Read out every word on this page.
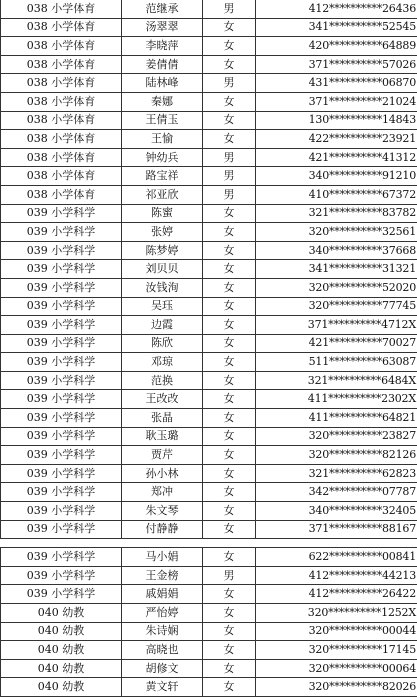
038 小学体育	范继承	男	412**********26436
038 小学体育	汤翠翠	女	341**********52545
038 小学体育	李晓萍	女	420**********64889
038 小学体育	姜倩倩	女	371**********57026
038 小学体育	陆林峰	男	431**********06870
038 小学体育	秦娜	女	371**********21024
038 小学体育	王倩玉	女	130**********14843
038 小学体育	王愉	女	422**********23921
038 小学体育	钟幼兵	男	421**********41312
038 小学体育	路宝祥	男	340**********91210
038 小学体育	祁亚欣	男	410**********67372
039 小学科学	陈蜜	女	321**********83782
039 小学科学	张婷	女	320**********32561
039 小学科学	陈梦婷	女	340**********37668
039 小学科学	刘贝贝	女	341**********31321
039 小学科学	汝钱洵	女	320**********52020
039 小学科学	吴珏	女	320**********77745
039 小学科学	边霞	女	371**********4712X
039 小学科学	陈欣	女	421**********70027
039 小学科学	邓琼	女	511**********63087
039 小学科学	范换	女	321**********6484X
039 小学科学	王改改	女	411**********2302X
039 小学科学	张晶	女	411**********64821
039 小学科学	耿玉璐	女	320**********23827
039 小学科学	贾芹	女	320**********82126
039 小学科学	孙小林	女	321**********62823
039 小学科学	郑冲	女	342**********07787
039 小学科学	朱文琴	女	340**********32405
039 小学科学	付静静	女	371**********88167

039 小学科学	马小娟	女	622**********00841
039 小学科学	王金榜	男	412**********44213
039 小学科学	戚娟娟	女	412**********26422
040 幼教	严怡婷	女	320**********1252X
040 幼教	朱诗娴	女	320**********00044
040 幼教	高晓也	女	320**********17145
040 幼教	胡修文	女	320**********00064
040 幼教	黄文轩	女	320**********82026
